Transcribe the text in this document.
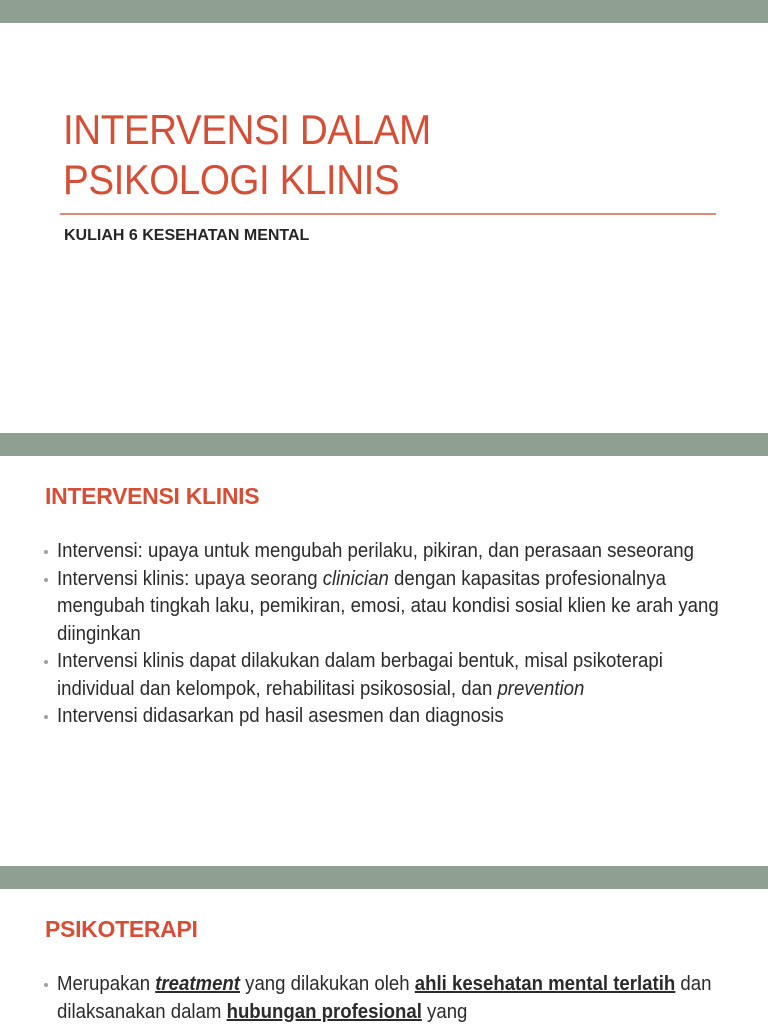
INTERVENSI DALAM
PSIKOLOGI KLINIS

KULIAH 6 KESEHATAN MENTAL

INTERVENSI KLINIS
Intervensi: upaya untuk mengubah perilaku, pikiran, dan perasaan seseorang
Intervensi klinis: upaya seorang clinician dengan kapasitas profesionalnya mengubah tingkah laku, pemikiran, emosi, atau kondisi sosial klien ke arah yang diinginkan
Intervensi klinis dapat dilakukan dalam berbagai bentuk, misal psikoterapi individual dan kelompok, rehabilitasi psikososial, dan prevention
Intervensi didasarkan pd hasil asesmen dan diagnosis
PSIKOTERAPI
Merupakan treatment yang dilakukan oleh ahli kesehatan mental terlatih dan dilaksanakan dalam hubungan profesional yang
